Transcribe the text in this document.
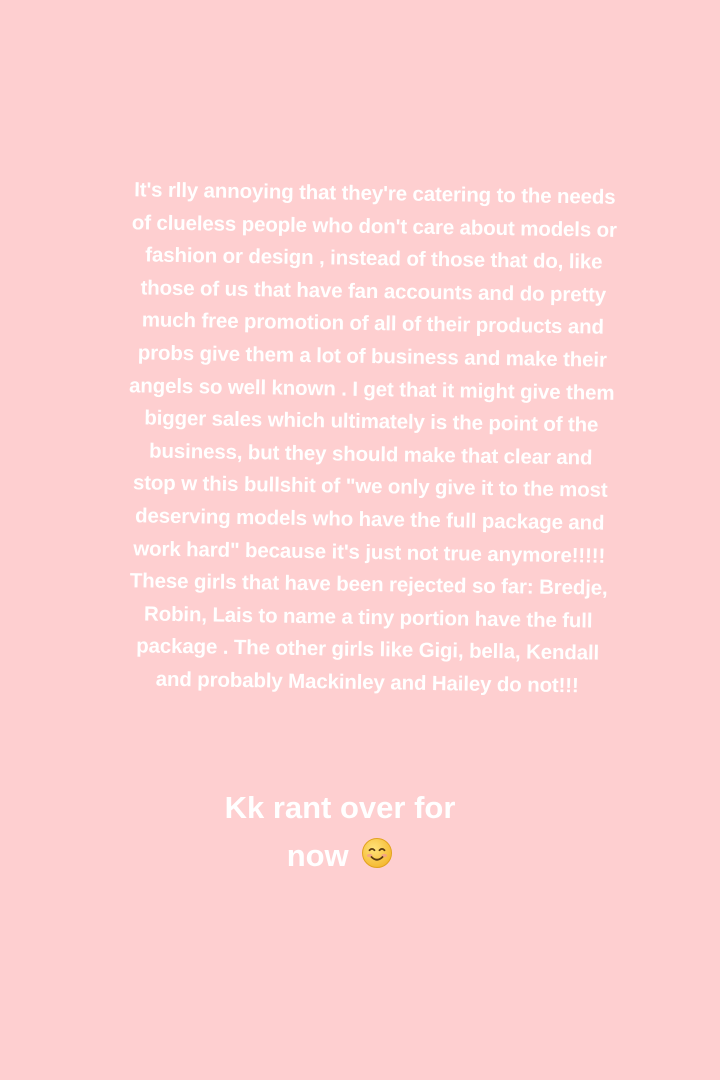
It's rlly annoying that they're catering to the needs
of clueless people who don't care about models or
fashion or design , instead of those that do, like
those of us that have fan accounts and do pretty
much free promotion of all of their products and
probs give them a lot of business and make their
angels so well known . I get that it might give them
bigger sales which ultimately is the point of the
business, but they should make that clear and
stop w this bullshit of "we only give it to the most
deserving models who have the full package and
work hard" because it's just not true anymore!!!!!
These girls that have been rejected so far: Bredje,
Robin, Lais to name a tiny portion have the full
package . The other girls like Gigi, bella, Kendall
and probably Mackinley and Hailey do not!!!

Kk rant over for
now
